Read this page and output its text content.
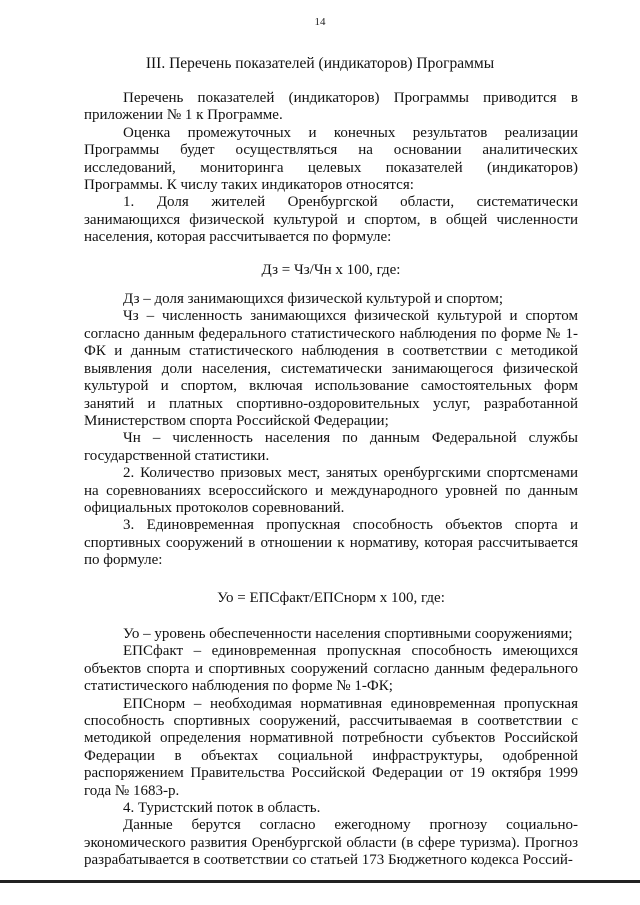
14
III. Перечень показателей (индикаторов) Программы

Перечень показателей (индикаторов) Программы приводится в приложении № 1 к Программе.

Оценка промежуточных и конечных результатов реализации Программы будет осуществляться на основании аналитических исследований, мониторинга целевых показателей (индикаторов) Программы. К числу таких индикаторов относятся:

1. Доля жителей Оренбургской области, систематически занимающихся физической культурой и спортом, в общей численности населения, которая рассчитывается по формуле:

Дз = Чз/Чн х 100, где:

Дз – доля занимающихся физической культурой и спортом;

Чз – численность занимающихся физической культурой и спортом согласно данным федерального статистического наблюдения по форме № 1-ФК и данным статистического наблюдения в соответствии с методикой выявления доли населения, систематически занимающегося физической культурой и спортом, включая использование самостоятельных форм занятий и платных спортивно-оздоровительных услуг, разработанной Министерством спорта Российской Федерации;

Чн – численность населения по данным Федеральной службы государственной статистики.

2. Количество призовых мест, занятых оренбургскими спортсменами на соревнованиях всероссийского и международного уровней по данным официальных протоколов соревнований.

3. Единовременная пропускная способность объектов спорта и спортивных сооружений в отношении к нормативу, которая рассчитывается по формуле:

Уо = ЕПСфакт/ЕПСнорм х 100, где:

Уо – уровень обеспеченности населения спортивными сооружениями;

ЕПСфакт – единовременная пропускная способность имеющихся объектов спорта и спортивных сооружений согласно данным федерального статистического наблюдения по форме № 1-ФК;

ЕПСнорм – необходимая нормативная единовременная пропускная способность спортивных сооружений, рассчитываемая в соответствии с методикой определения нормативной потребности субъектов Российской Федерации в объектах социальной инфраструктуры, одобренной распоряжением Правительства Российской Федерации от 19 октября 1999 года № 1683-р.

4. Туристский поток в область.

Данные берутся согласно ежегодному прогнозу социально-экономического развития Оренбургской области (в сфере туризма). Прогноз разрабатывается в соответствии со статьей 173 Бюджетного кодекса Россий-
